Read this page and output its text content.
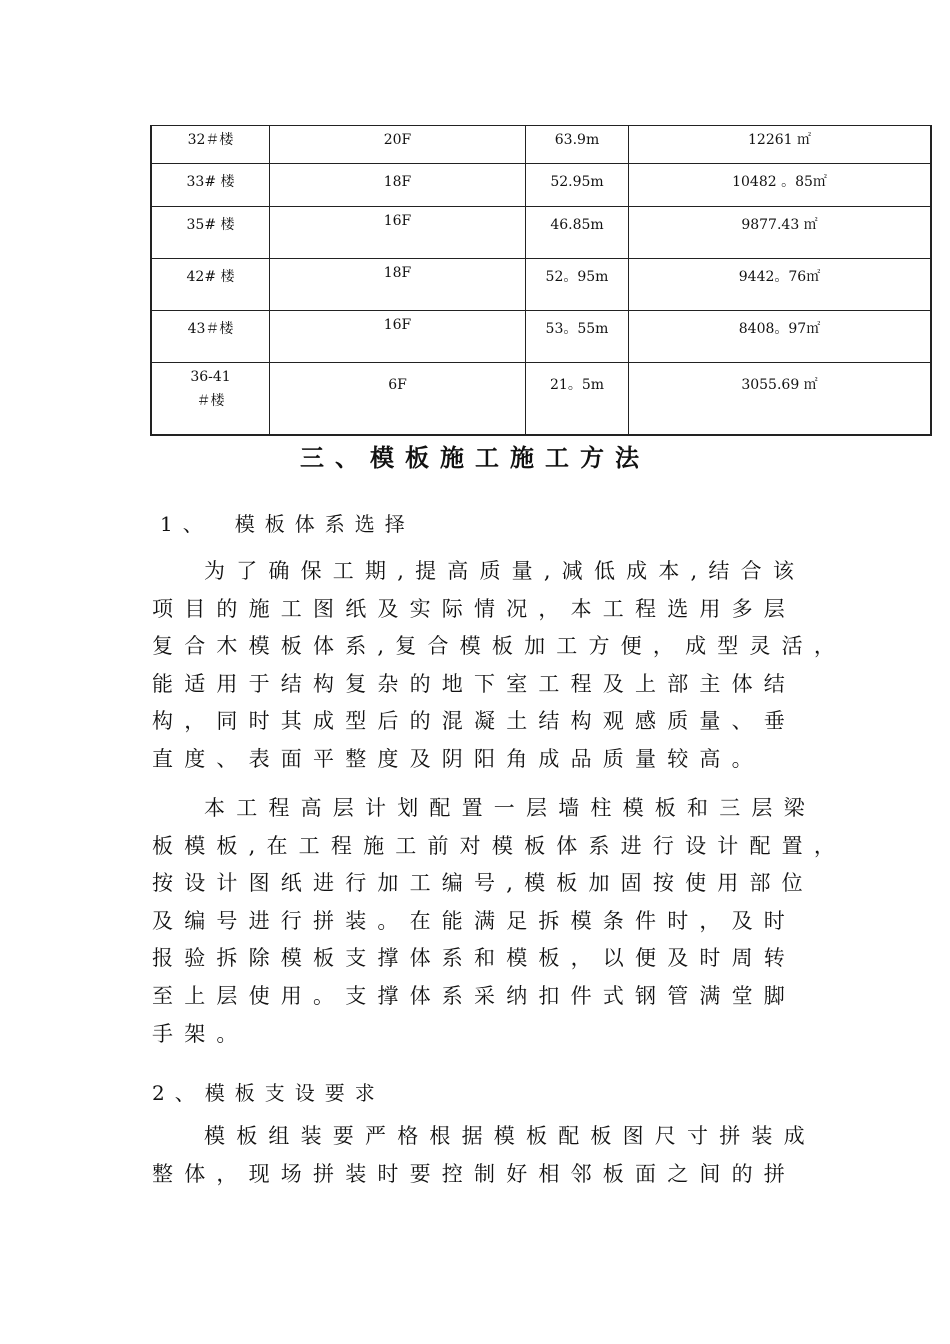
32＃楼	20F	63.9m	12261 ㎡
33# 楼	18F	52.95m	10482 。85㎡
35# 楼	16F	46.85m	9877.43 ㎡
42# 楼	18F	52。95m	9442。76㎡
43＃楼	16F	53。55m	8408。97㎡
36-41 ＃楼	6F	21。5m	3055.69 ㎡
三、模板施工施工方法
1、 模板体系选择
为了确保工期,提高质量,减低成本,结合该
项目的施工图纸及实际情况，本工程选用多层
复合木模板体系,复合模板加工方便，成型灵活，
能适用于结构复杂的地下室工程及上部主体结
构，同时其成型后的混凝土结构观感质量、垂
直度、表面平整度及阴阳角成品质量较高。
本工程高层计划配置一层墙柱模板和三层梁
板模板,在工程施工前对模板体系进行设计配置，
按设计图纸进行加工编号,模板加固按使用部位
及编号进行拼装。在能满足拆模条件时，及时
报验拆除模板支撑体系和模板，以便及时周转
至上层使用。支撑体系采纳扣件式钢管满堂脚
手架。
2、模板支设要求
模板组装要严格根据模板配板图尺寸拼装成
整体，现场拼装时要控制好相邻板面之间的拼
